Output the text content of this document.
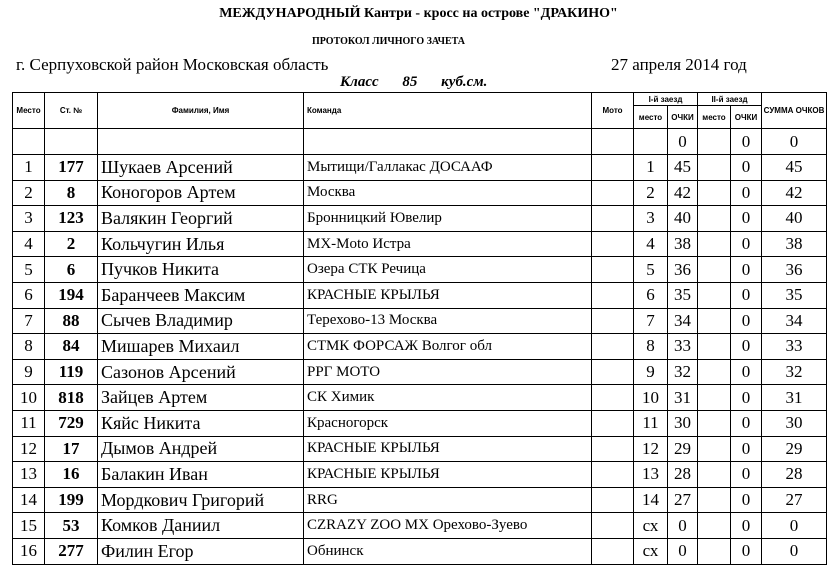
МЕЖДУНАРОДНЫЙ Кантри - кросс на острове "ДРАКИНО"
ПРОТОКОЛ ЛИЧНОГО ЗАЧЕТА
г. Серпуховской район Московская область	27 апреля 2014 год
Класс 85 куб.см.
Место	Ст. №	Фамилия, Имя	Команда	Мото	I-й заезд		II-й заезд		СУММА ОЧКОВ
					место	ОЧКИ	место	ОЧКИ	
						0		0	0
1	177	Шукаев Арсений	Мытищи/Галлакас ДОСААФ		1	45		0	45
2	8	Коногоров Артем	Москва		2	42		0	42
3	123	Валякин Георгий	Бронницкий Ювелир		3	40		0	40
4	2	Кольчугин Илья	MX-Moto Истра		4	38		0	38
5	6	Пучков Никита	Озера СТК Речица		5	36		0	36
6	194	Баранчеев Максим	КРАСНЫЕ КРЫЛЬЯ		6	35		0	35
7	88	Сычев Владимир	Терехово-13 Москва		7	34		0	34
8	84	Мишарев Михаил	СТМК ФОРСАЖ Волгог обл		8	33		0	33
9	119	Сазонов Арсений	РРГ МОТО		9	32		0	32
10	818	Зайцев Артем	СК Химик		10	31		0	31
11	729	Кяйс Никита	Красногорск		11	30		0	30
12	17	Дымов Андрей	КРАСНЫЕ КРЫЛЬЯ		12	29		0	29
13	16	Балакин Иван	КРАСНЫЕ КРЫЛЬЯ		13	28		0	28
14	199	Мордкович Григорий	RRG		14	27		0	27
15	53	Комков Даниил	CZRAZY ZOO MX Орехово-Зуево		сх	0		0	0
16	277	Филин Егор	Обнинск		сх	0		0	0
